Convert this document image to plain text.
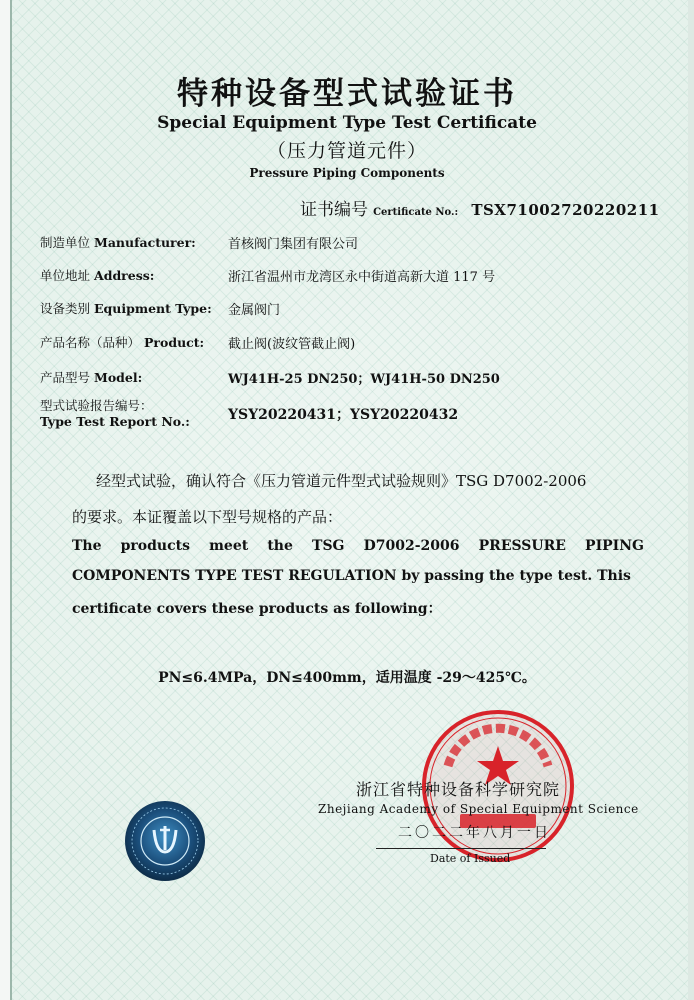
特种设备型式试验证书
Special Equipment Type Test Certificate
（压力管道元件）
Pressure Piping Components
证书编号 Certificate No.: TSX71002720220211
制造单位 Manufacturer: 首核阀门集团有限公司
单位地址 Address:	浙江省温州市龙湾区永中街道高新大道 117 号
设备类别 Equipment Type: 金属阀门
产品名称（品种） Product: 截止阀(波纹管截止阀)
产品型号 Model:	WJ41H-25 DN250；WJ41H-50 DN250
型式试验报告编号：
Type Test Report No.:	YSY20220431；YSY20220432
经型式试验，确认符合《压力管道元件型式试验规则》TSG D7002-2006
的要求。本证覆盖以下型号规格的产品：
The products meet the TSG D7002-2006 PRESSURE PIPING
COMPONENTS TYPE TEST REGULATION by passing the type test. This
certificate covers these products as following：
PN≤6.4MPa，DN≤400mm，适用温度 -29～425℃。
浙江省特种设备科学研究院
Zhejiang Academy of Special Equipment Science
二〇二二年八月一日
Date of Issued
